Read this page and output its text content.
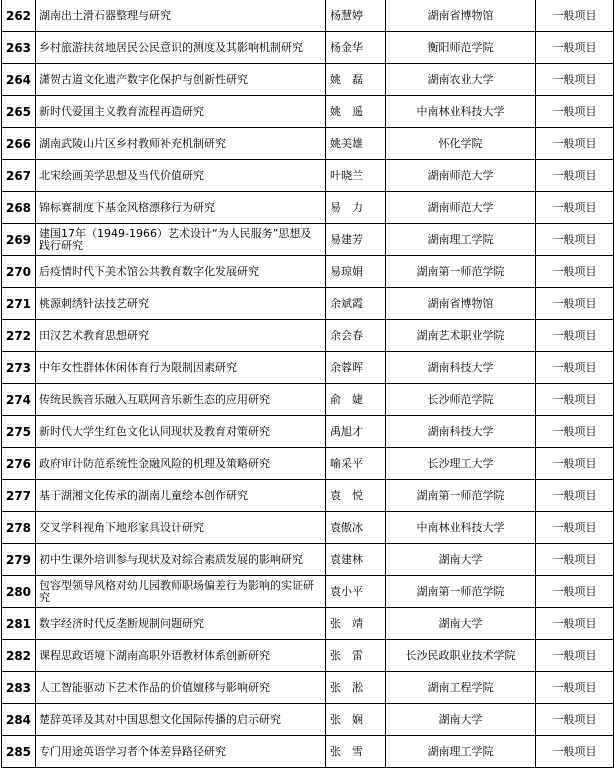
262	湖南出土滑石器整理与研究	杨慧婷	湖南省博物馆	一般项目
263	乡村旅游扶贫地居民公民意识的测度及其影响机制研究	杨金华	衡阳师范学院	一般项目
264	潇贺古道文化遗产数字化保护与创新性研究	姚　磊	湖南农业大学	一般项目
265	新时代爱国主义教育流程再造研究	姚　遥	中南林业科技大学	一般项目
266	湖南武陵山片区乡村教师补充机制研究	姚美雄	怀化学院	一般项目
267	北宋绘画美学思想及当代价值研究	叶晓兰	湖南师范大学	一般项目
268	锦标赛制度下基金风格漂移行为研究	易　力	湖南师范大学	一般项目
269	建国17年（1949-1966）艺术设计“为人民服务”思想及践行研究	易建芳	湖南理工学院	一般项目
270	后疫情时代下美术馆公共教育数字化发展研究	易琼娟	湖南第一师范学院	一般项目
271	桃源刺绣针法技艺研究	余斌霞	湖南省博物馆	一般项目
272	田汉艺术教育思想研究	余会春	湖南艺术职业学院	一般项目
273	中年女性群体休闲体育行为限制因素研究	余蓉晖	湖南科技大学	一般项目
274	传统民族音乐融入互联网音乐新生态的应用研究	俞　婕	长沙师范学院	一般项目
275	新时代大学生红色文化认同现状及教育对策研究	禹旭才	湖南科技大学	一般项目
276	政府审计防范系统性金融风险的机理及策略研究	喻采平	长沙理工大学	一般项目
277	基于湖湘文化传承的湖南儿童绘本创作研究	袁　悦	湖南第一师范学院	一般项目
278	交叉学科视角下地形家具设计研究	袁傲冰	中南林业科技大学	一般项目
279	初中生课外培训参与现状及对综合素质发展的影响研究	袁建林	湖南大学	一般项目
280	包容型领导风格对幼儿园教师职场偏差行为影响的实证研究	袁小平	湖南第一师范学院	一般项目
281	数字经济时代反垄断规制问题研究	张　靖	湖南大学	一般项目
282	课程思政语境下湖南高职外语教材体系创新研究	张　雷	长沙民政职业技术学院	一般项目
283	人工智能驱动下艺术作品的价值嬗移与影响研究	张　淞	湖南工程学院	一般项目
284	楚辞英译及其对中国思想文化国际传播的启示研究	张　娴	湖南大学	一般项目
285	专门用途英语学习者个体差异路径研究	张　雪	湖南理工学院	一般项目
